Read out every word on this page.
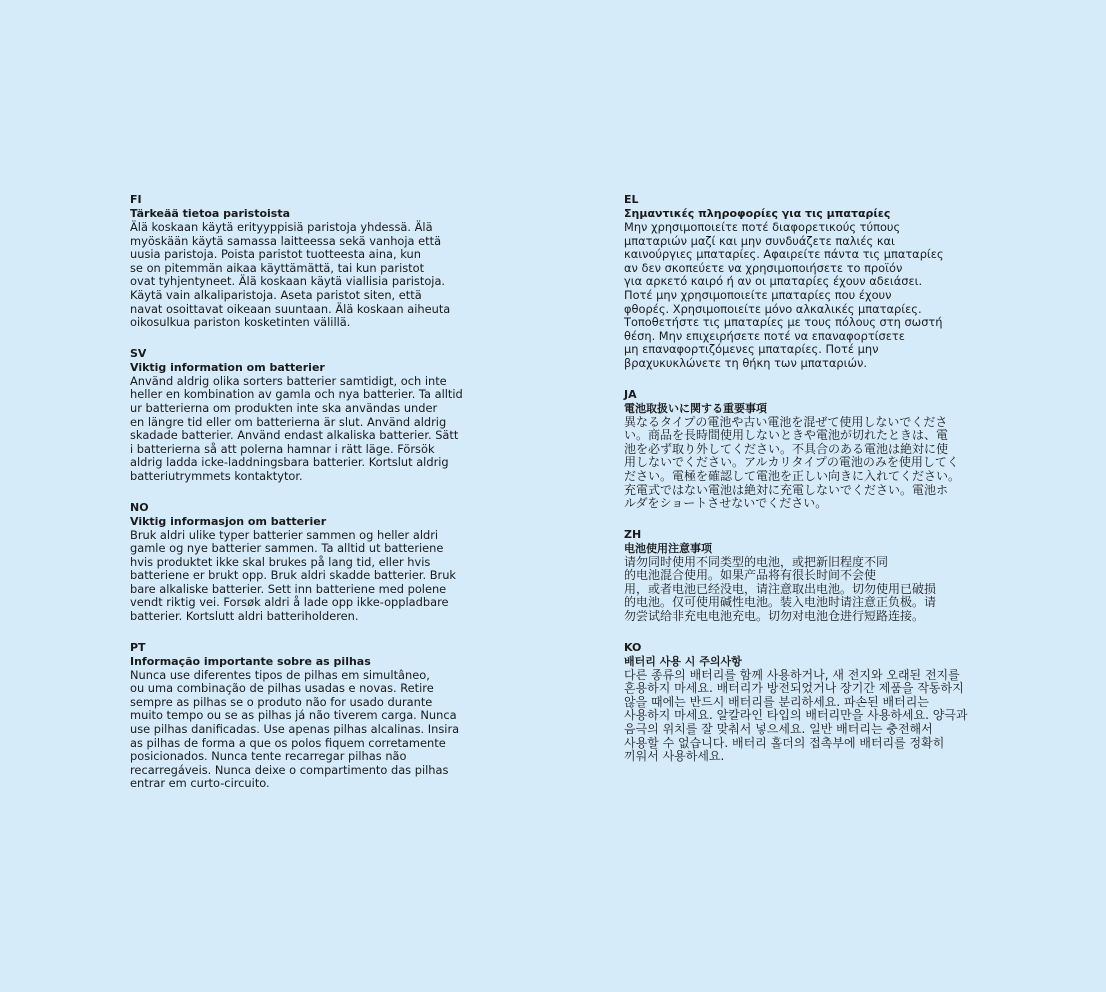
FI
Tärkeää tietoa paristoista
Älä koskaan käytä erityyppisiä paristoja yhdessä. Älä
myöskään käytä samassa laitteessa sekä vanhoja että
uusia paristoja. Poista paristot tuotteesta aina, kun
se on pitemmän aikaa käyttämättä, tai kun paristot
ovat tyhjentyneet. Älä koskaan käytä viallisia paristoja.
Käytä vain alkaliparistoja. Aseta paristot siten, että
navat osoittavat oikeaan suuntaan. Älä koskaan aiheuta
oikosulkua pariston kosketinten välillä.
SV
Viktig information om batterier
Använd aldrig olika sorters batterier samtidigt, och inte
heller en kombination av gamla och nya batterier. Ta alltid
ur batterierna om produkten inte ska användas under
en längre tid eller om batterierna är slut. Använd aldrig
skadade batterier. Använd endast alkaliska batterier. Sätt
i batterierna så att polerna hamnar i rätt läge. Försök
aldrig ladda icke-laddningsbara batterier. Kortslut aldrig
batteriutrymmets kontaktytor.
NO
Viktig informasjon om batterier
Bruk aldri ulike typer batterier sammen og heller aldri
gamle og nye batterier sammen. Ta alltid ut batteriene
hvis produktet ikke skal brukes på lang tid, eller hvis
batteriene er brukt opp. Bruk aldri skadde batterier. Bruk
bare alkaliske batterier. Sett inn batteriene med polene
vendt riktig vei. Forsøk aldri å lade opp ikke-oppladbare
batterier. Kortslutt aldri batteriholderen.
PT
Informação importante sobre as pilhas
Nunca use diferentes tipos de pilhas em simultâneo,
ou uma combinação de pilhas usadas e novas. Retire
sempre as pilhas se o produto não for usado durante
muito tempo ou se as pilhas já não tiverem carga. Nunca
use pilhas danificadas. Use apenas pilhas alcalinas. Insira
as pilhas de forma a que os polos fiquem corretamente
posicionados. Nunca tente recarregar pilhas não
recarregáveis. Nunca deixe o compartimento das pilhas
entrar em curto-circuito.
EL
Σημαντικές πληροφορίες για τις μπαταρίες
Μην χρησιμοποιείτε ποτέ διαφορετικούς τύπους
μπαταριών μαζί και μην συνδυάζετε παλιές και
καινούργιες μπαταρίες. Αφαιρείτε πάντα τις μπαταρίες
αν δεν σκοπεύετε να χρησιμοποιήσετε το προϊόν
για αρκετό καιρό ή αν οι μπαταρίες έχουν αδειάσει.
Ποτέ μην χρησιμοποιείτε μπαταρίες που έχουν
φθορές. Χρησιμοποιείτε μόνο αλκαλικές μπαταρίες.
Τοποθετήστε τις μπαταρίες με τους πόλους στη σωστή
θέση. Μην επιχειρήσετε ποτέ να επαναφορτίσετε
μη επαναφορτιζόμενες μπαταρίες. Ποτέ μην
βραχυκυκλώνετε τη θήκη των μπαταριών.
JA
電池取扱いに関する重要事項
異なるタイプの電池や古い電池を混ぜて使用しないでくださ
い。商品を長時間使用しないときや電池が切れたときは、電
池を必ず取り外してください。不具合のある電池は絶対に使
用しないでください。アルカリタイプの電池のみを使用してく
ださい。電極を確認して電池を正しい向きに入れてください。
充電式ではない電池は絶対に充電しないでください。電池ホ
ルダをショートさせないでください。
ZH
电池使用注意事项
请勿同时使用不同类型的电池，或把新旧程度不同
的电池混合使用。如果产品将有很长时间不会使
用，或者电池已经没电，请注意取出电池。切勿使用已破损
的电池。仅可使用碱性电池。装入电池时请注意正负极。请
勿尝试给非充电电池充电。切勿对电池仓进行短路连接。
KO
배터리 사용 시 주의사항
다른 종류의 배터리를 함께 사용하거나, 새 전지와 오래된 전지를
혼용하지 마세요. 배터리가 방전되었거나 장기간 제품을 작동하지
않을 때에는 반드시 배터리를 분리하세요. 파손된 배터리는
사용하지 마세요. 알칼라인 타입의 배터리만을 사용하세요. 양극과
음극의 위치를 잘 맞춰서 넣으세요. 일반 배터리는 충전해서
사용할 수 없습니다. 배터리 홀더의 접촉부에 배터리를 정확히
끼워서 사용하세요.
